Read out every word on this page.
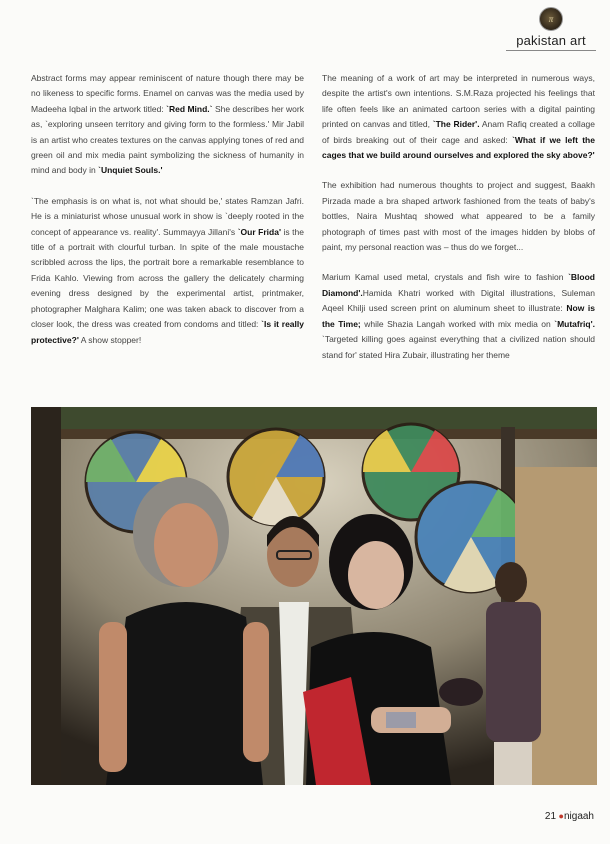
π
pakistan art

Abstract forms may appear reminiscent of nature though there may be no likeness to specific forms. Enamel on canvas was the media used by Madeeha Iqbal in the artwork titled: `Red Mind.` She describes her work as, `exploring unseen territory and giving form to the formless.' Mir Jabil is an artist who creates textures on the canvas applying tones of red and green oil and mix media paint symbolizing the sickness of humanity in mind and body in `Unquiet Souls.'

`The emphasis is on what is, not what should be,' states Ramzan Jafri. He is a miniaturist whose unusual work in show is `deeply rooted in the concept of appearance vs. reality'. Summayya Jillani's `Our Frida' is the title of a portrait with clourful turban. In spite of the male moustache scribbled across the lips, the portrait bore a remarkable resemblance to Frida Kahlo. Viewing from across the gallery the delicately charming evening dress designed by the experimental artist, printmaker, photographer Malghara Kalim; one was taken aback to discover from a closer look, the dress was created from condoms and titled: `Is it really protective?' A show stopper!

The meaning of a work of art may be interpreted in numerous ways, despite the artist's own intentions. S.M.Raza projected his feelings that life often feels like an animated cartoon series with a digital painting printed on canvas and titled, `The Rider'. Anam Rafiq created a collage of birds breaking out of their cage and asked: `What if we left the cages that we build around ourselves and explored the sky above?'

The exhibition had numerous thoughts to project and suggest, Baakh Pirzada made a bra shaped artwork fashioned from the teats of baby's bottles, Naira Mushtaq showed what appeared to be a family photograph of times past with most of the images hidden by blobs of paint, my personal reaction was – thus do we forget...

Marium Kamal used metal, crystals and fish wire to fashion `Blood Diamond'.Hamida Khatri worked with Digital illustrations, Suleman Aqeel Khilji used screen print on aluminum sheet to illustrate: Now is the Time; while Shazia Langah worked with mix media on `Mutafriq'. `Targeted killing goes against everything that a civilized nation should stand for' stated Hira Zubair, illustrating her theme

21 ●nigaah
